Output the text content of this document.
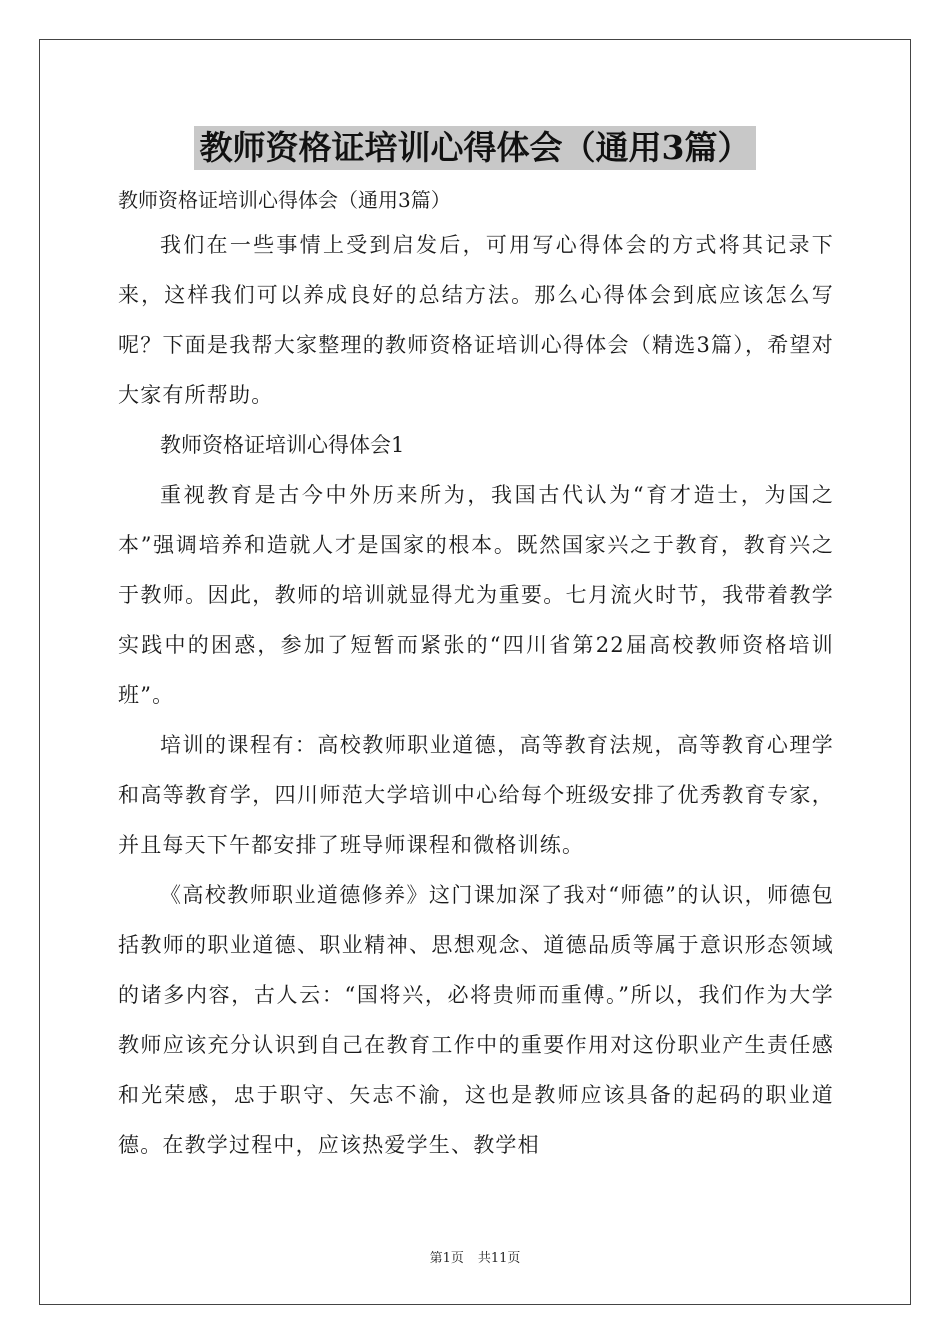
教师资格证培训心得体会（通用3篇）

教师资格证培训心得体会（通用3篇）

我们在一些事情上受到启发后，可用写心得体会的方式将其记录下来，这样我们可以养成良好的总结方法。那么心得体会到底应该怎么写呢？下面是我帮大家整理的教师资格证培训心得体会（精选3篇），希望对大家有所帮助。

教师资格证培训心得体会1

重视教育是古今中外历来所为，我国古代认为“育才造士，为国之本”强调培养和造就人才是国家的根本。既然国家兴之于教育，教育兴之于教师。因此，教师的培训就显得尤为重要。七月流火时节，我带着教学实践中的困惑，参加了短暂而紧张的“四川省第22届高校教师资格培训班”。

培训的课程有：高校教师职业道德，高等教育法规，高等教育心理学和高等教育学，四川师范大学培训中心给每个班级安排了优秀教育专家，并且每天下午都安排了班导师课程和微格训练。

《高校教师职业道德修养》这门课加深了我对“师德”的认识，师德包括教师的职业道德、职业精神、思想观念、道德品质等属于意识形态领域的诸多内容，古人云：“国将兴，必将贵师而重傅。”所以，我们作为大学教师应该充分认识到自己在教育工作中的重要作用对这份职业产生责任感和光荣感，忠于职守、矢志不渝，这也是教师应该具备的起码的职业道德。在教学过程中，应该热爱学生、教学相

第1页 共11页
